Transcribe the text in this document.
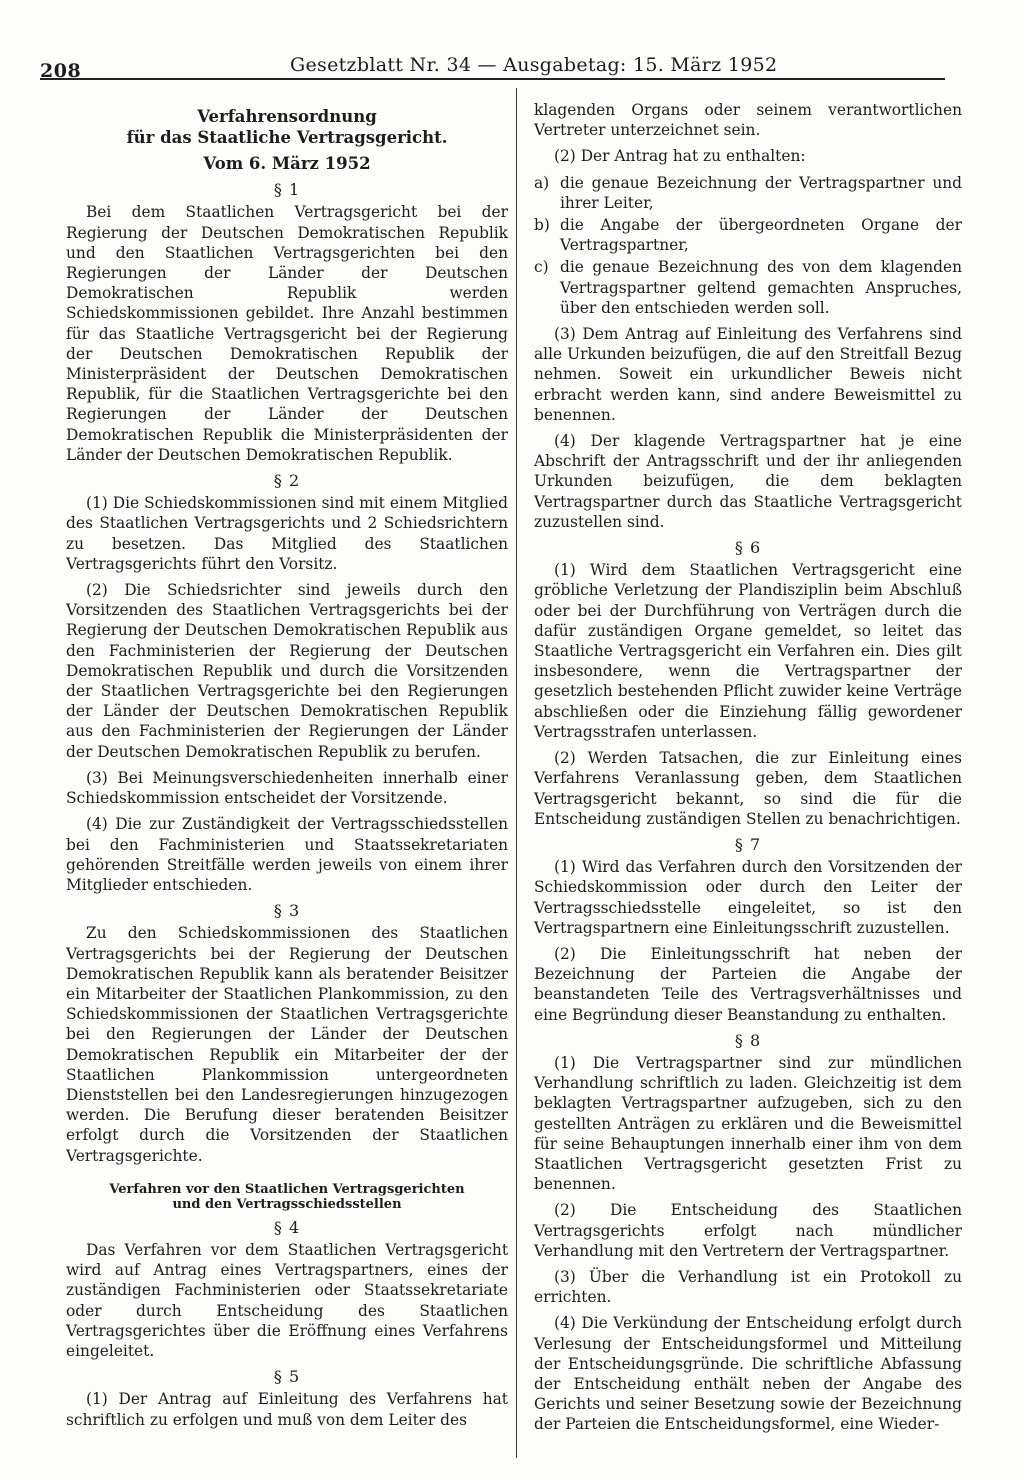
208	Gesetzblatt Nr. 34 — Ausgabetag: 15. März 1952
Verfahrensordnung
für das Staatliche Vertragsgericht.
Vom 6. März 1952
§ 1

Bei dem Staatlichen Vertragsgericht bei der Regierung der Deutschen Demokratischen Republik und den Staatlichen Vertragsgerichten bei den Regierungen der Länder der Deutschen Demokratischen Republik werden Schiedskommissionen gebildet. Ihre Anzahl bestimmen für das Staatliche Vertragsgericht bei der Regierung der Deutschen Demokratischen Republik der Ministerpräsident der Deutschen Demokratischen Republik, für die Staatlichen Vertragsgerichte bei den Regierungen der Länder der Deutschen Demokratischen Republik die Ministerpräsidenten der Länder der Deutschen Demokratischen Republik.

§ 2

(1) Die Schiedskommissionen sind mit einem Mitglied des Staatlichen Vertragsgerichts und 2 Schiedsrichtern zu besetzen. Das Mitglied des Staatlichen Vertragsgerichts führt den Vorsitz.

(2) Die Schiedsrichter sind jeweils durch den Vorsitzenden des Staatlichen Vertragsgerichts bei der Regierung der Deutschen Demokratischen Republik aus den Fachministerien der Regierung der Deutschen Demokratischen Republik und durch die Vorsitzenden der Staatlichen Vertragsgerichte bei den Regierungen der Länder der Deutschen Demokratischen Republik aus den Fachministerien der Regierungen der Länder der Deutschen Demokratischen Republik zu berufen.

(3) Bei Meinungsverschiedenheiten innerhalb einer Schiedskommission entscheidet der Vorsitzende.

(4) Die zur Zuständigkeit der Vertragsschiedsstellen bei den Fachministerien und Staatssekretariaten gehörenden Streitfälle werden jeweils von einem ihrer Mitglieder entschieden.

§ 3

Zu den Schiedskommissionen des Staatlichen Vertragsgerichts bei der Regierung der Deutschen Demokratischen Republik kann als beratender Beisitzer ein Mitarbeiter der Staatlichen Plankommission, zu den Schiedskommissionen der Staatlichen Vertragsgerichte bei den Regierungen der Länder der Deutschen Demokratischen Republik ein Mitarbeiter der der Staatlichen Plankommission untergeordneten Dienststellen bei den Landesregierungen hinzugezogen werden. Die Berufung dieser beratenden Beisitzer erfolgt durch die Vorsitzenden der Staatlichen Vertragsgerichte.

Verfahren vor den Staatlichen Vertragsgerichten
und den Vertragsschiedsstellen
§ 4

Das Verfahren vor dem Staatlichen Vertragsgericht wird auf Antrag eines Vertragspartners, eines der zuständigen Fachministerien oder Staatssekretariate oder durch Entscheidung des Staatlichen Vertragsgerichtes über die Eröffnung eines Verfahrens eingeleitet.

§ 5

(1) Der Antrag auf Einleitung des Verfahrens hat schriftlich zu erfolgen und muß von dem Leiter des

klagenden Organs oder seinem verantwortlichen Vertreter unterzeichnet sein.

(2) Der Antrag hat zu enthalten:

a) die genaue Bezeichnung der Vertragspartner und ihrer Leiter,
b) die Angabe der übergeordneten Organe der Vertragspartner,
c) die genaue Bezeichnung des von dem klagenden Vertragspartner geltend gemachten Anspruches, über den entschieden werden soll.

(3) Dem Antrag auf Einleitung des Verfahrens sind alle Urkunden beizufügen, die auf den Streitfall Bezug nehmen. Soweit ein urkundlicher Beweis nicht erbracht werden kann, sind andere Beweismittel zu benennen.

(4) Der klagende Vertragspartner hat je eine Abschrift der Antragsschrift und der ihr anliegenden Urkunden beizufügen, die dem beklagten Vertragspartner durch das Staatliche Vertragsgericht zuzustellen sind.

§ 6

(1) Wird dem Staatlichen Vertragsgericht eine gröbliche Verletzung der Plandisziplin beim Abschluß oder bei der Durchführung von Verträgen durch die dafür zuständigen Organe gemeldet, so leitet das Staatliche Vertragsgericht ein Verfahren ein. Dies gilt insbesondere, wenn die Vertragspartner der gesetzlich bestehenden Pflicht zuwider keine Verträge abschließen oder die Einziehung fällig gewordener Vertragsstrafen unterlassen.

(2) Werden Tatsachen, die zur Einleitung eines Verfahrens Veranlassung geben, dem Staatlichen Vertragsgericht bekannt, so sind die für die Entscheidung zuständigen Stellen zu benachrichtigen.

§ 7

(1) Wird das Verfahren durch den Vorsitzenden der Schiedskommission oder durch den Leiter der Vertragsschiedsstelle eingeleitet, so ist den Vertragspartnern eine Einleitungsschrift zuzustellen.

(2) Die Einleitungsschrift hat neben der Bezeichnung der Parteien die Angabe der beanstandeten Teile des Vertragsverhältnisses und eine Begründung dieser Beanstandung zu enthalten.

§ 8

(1) Die Vertragspartner sind zur mündlichen Verhandlung schriftlich zu laden. Gleichzeitig ist dem beklagten Vertragspartner aufzugeben, sich zu den gestellten Anträgen zu erklären und die Beweismittel für seine Behauptungen innerhalb einer ihm von dem Staatlichen Vertragsgericht gesetzten Frist zu benennen.

(2) Die Entscheidung des Staatlichen Vertragsgerichts erfolgt nach mündlicher Verhandlung mit den Vertretern der Vertragspartner.

(3) Über die Verhandlung ist ein Protokoll zu errichten.

(4) Die Verkündung der Entscheidung erfolgt durch Verlesung der Entscheidungsformel und Mitteilung der Entscheidungsgründe. Die schriftliche Abfassung der Entscheidung enthält neben der Angabe des Gerichts und seiner Besetzung sowie der Bezeichnung der Parteien die Entscheidungsformel, eine Wieder-
